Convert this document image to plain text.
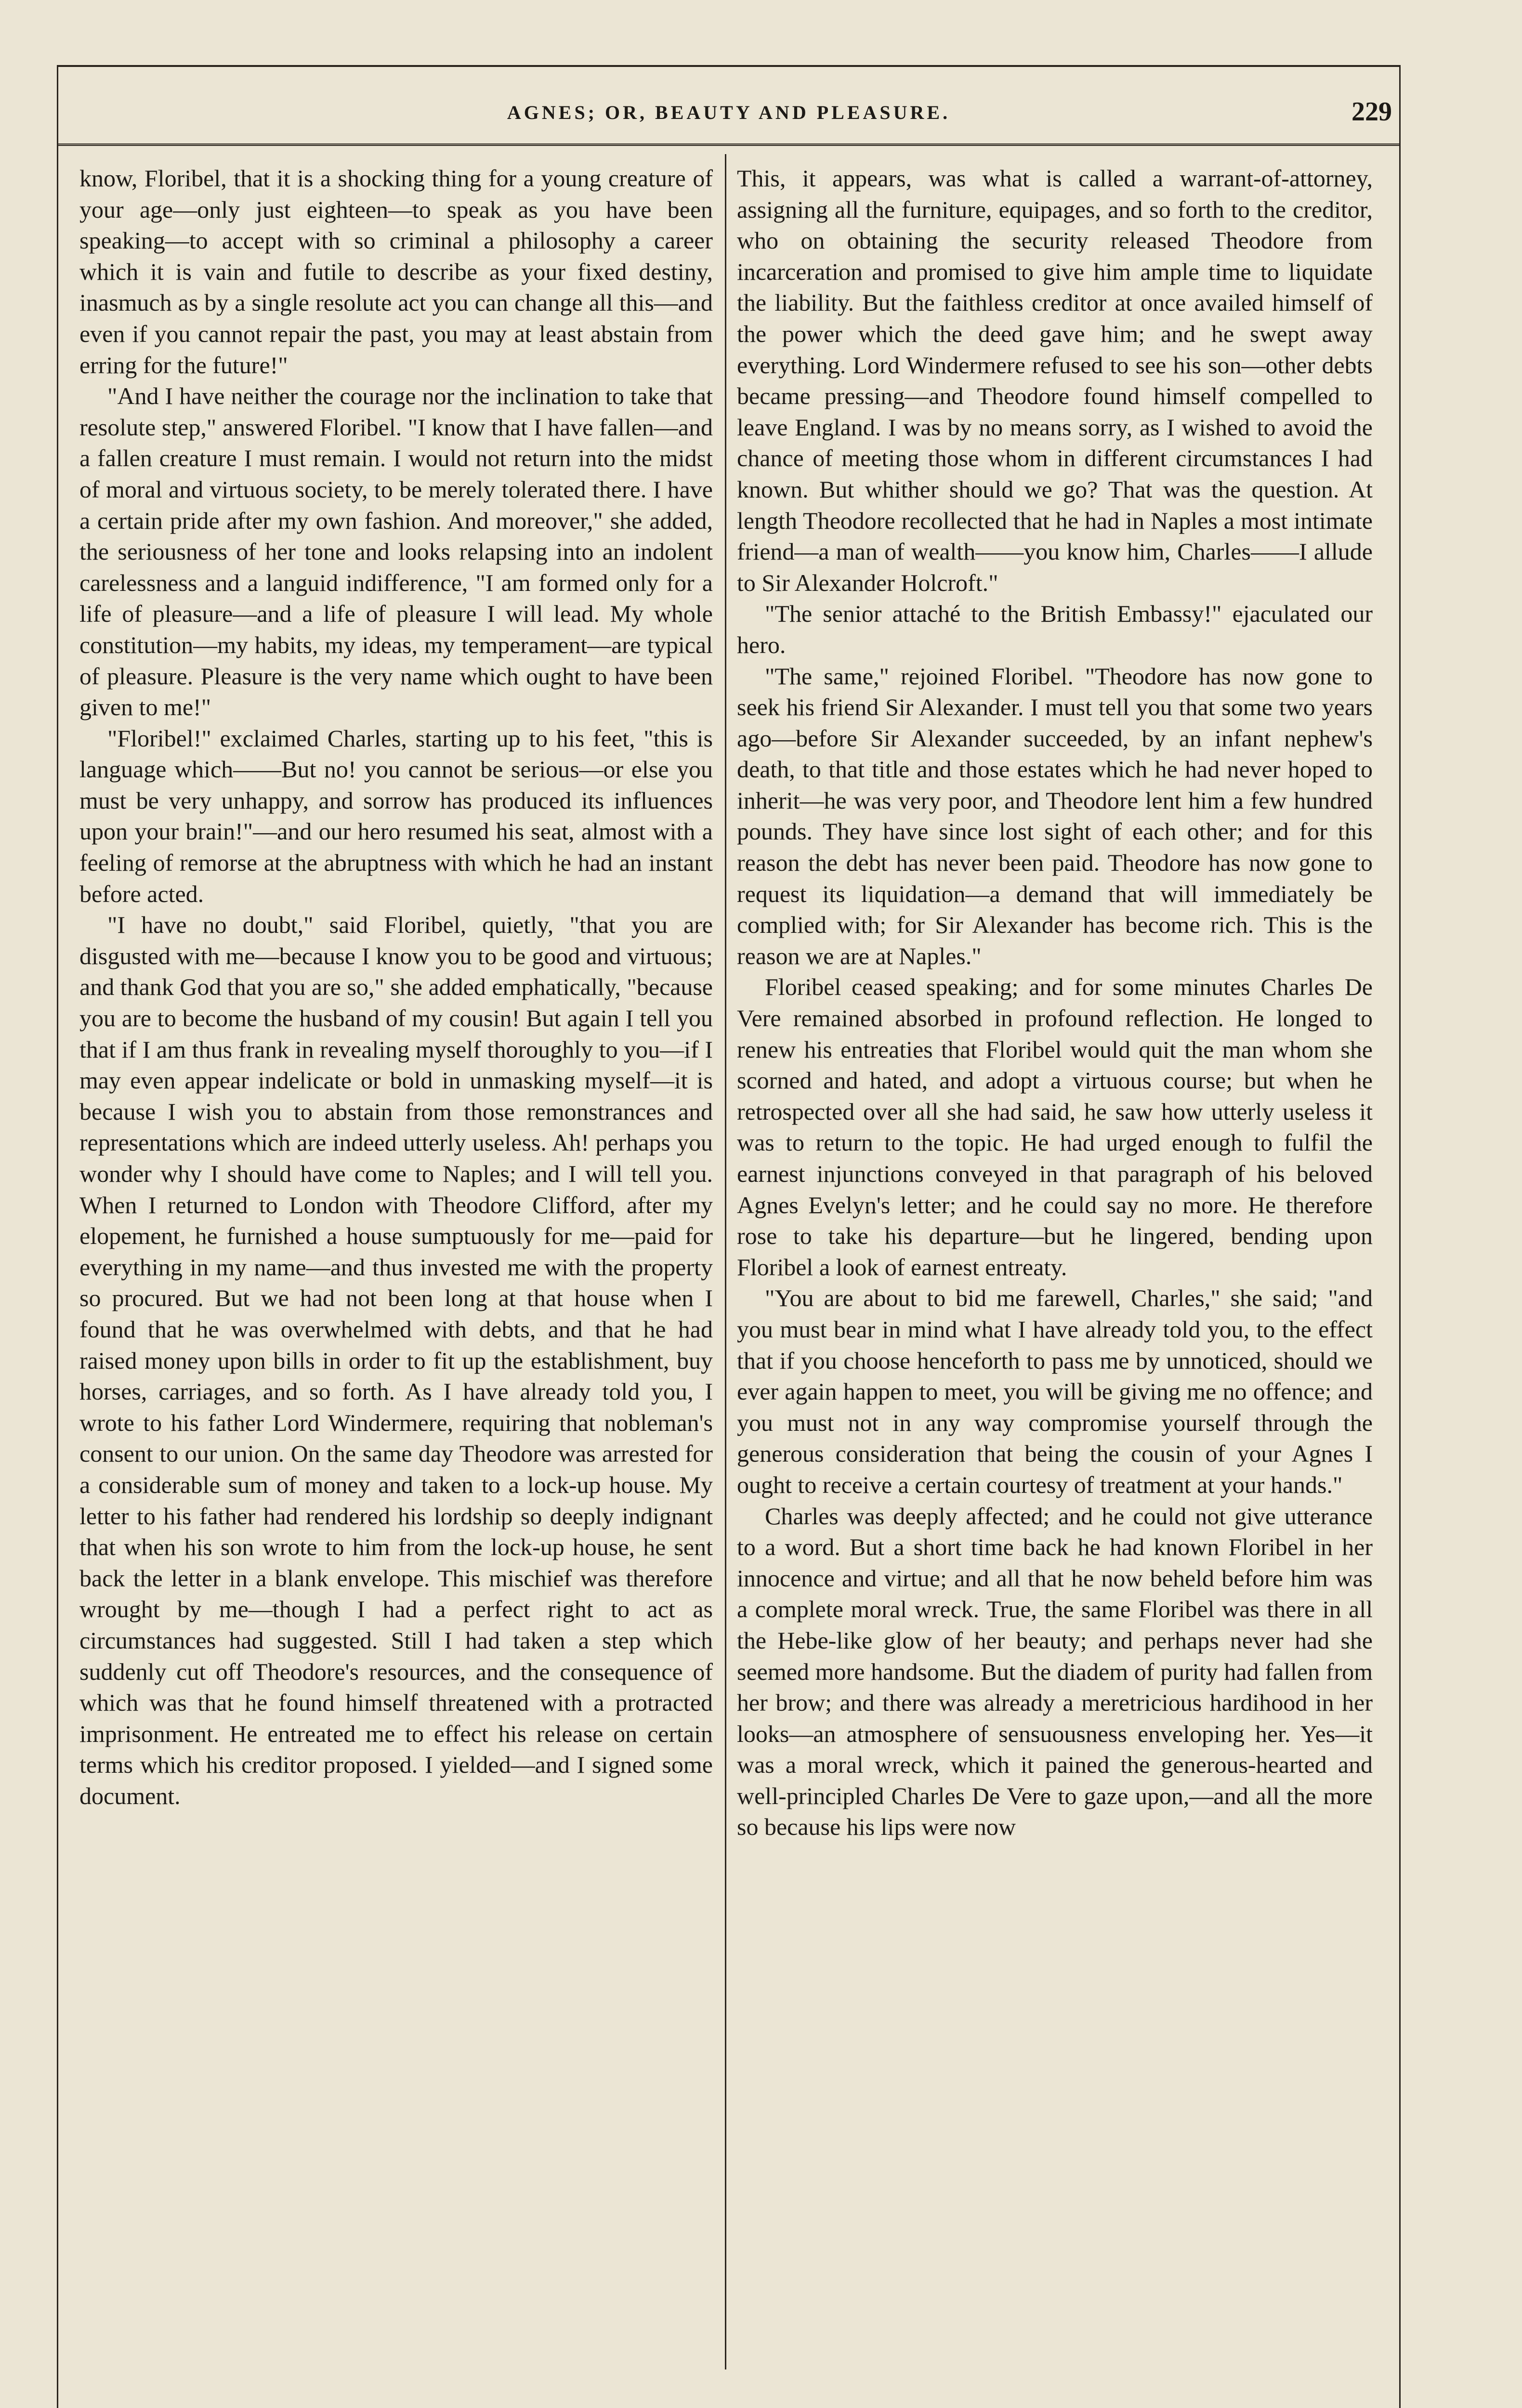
AGNES; OR, BEAUTY AND PLEASURE.	229

know, Floribel, that it is a shocking thing for a young creature of your age—only just eighteen—to speak as you have been speaking—to accept with so criminal a philosophy a career which it is vain and futile to describe as your fixed destiny, inasmuch as by a single resolute act you can change all this—and even if you cannot repair the past, you may at least abstain from erring for the future!"

"And I have neither the courage nor the inclination to take that resolute step," answered Floribel. "I know that I have fallen—and a fallen creature I must remain. I would not return into the midst of moral and virtuous society, to be merely tolerated there. I have a certain pride after my own fashion. And moreover," she added, the seriousness of her tone and looks relapsing into an indolent carelessness and a languid indifference, "I am formed only for a life of pleasure—and a life of pleasure I will lead. My whole constitution—my habits, my ideas, my temperament—are typical of pleasure. Pleasure is the very name which ought to have been given to me!"

"Floribel!" exclaimed Charles, starting up to his feet, "this is language which——But no! you cannot be serious—or else you must be very unhappy, and sorrow has produced its influences upon your brain!"—and our hero resumed his seat, almost with a feeling of remorse at the abruptness with which he had an instant before acted.

"I have no doubt," said Floribel, quietly, "that you are disgusted with me—because I know you to be good and virtuous; and thank God that you are so," she added emphatically, "because you are to become the husband of my cousin! But again I tell you that if I am thus frank in revealing myself thoroughly to you—if I may even appear indelicate or bold in unmasking myself—it is because I wish you to abstain from those remonstrances and representations which are indeed utterly useless. Ah! perhaps you wonder why I should have come to Naples; and I will tell you. When I returned to London with Theodore Clifford, after my elopement, he furnished a house sumptuously for me—paid for everything in my name—and thus invested me with the property so procured. But we had not been long at that house when I found that he was overwhelmed with debts, and that he had raised money upon bills in order to fit up the establishment, buy horses, carriages, and so forth. As I have already told you, I wrote to his father Lord Windermere, requiring that nobleman's consent to our union. On the same day Theodore was arrested for a considerable sum of money and taken to a lock-up house. My letter to his father had rendered his lordship so deeply indignant that when his son wrote to him from the lock-up house, he sent back the letter in a blank envelope. This mischief was therefore wrought by me—though I had a perfect right to act as circumstances had suggested. Still I had taken a step which suddenly cut off Theodore's resources, and the consequence of which was that he found himself threatened with a protracted imprisonment. He entreated me to effect his release on certain terms which his creditor proposed. I yielded—and I signed some document.

This, it appears, was what is called a warrant-of-attorney, assigning all the furniture, equipages, and so forth to the creditor, who on obtaining the security released Theodore from incarceration and promised to give him ample time to liquidate the liability. But the faithless creditor at once availed himself of the power which the deed gave him; and he swept away everything. Lord Windermere refused to see his son—other debts became pressing—and Theodore found himself compelled to leave England. I was by no means sorry, as I wished to avoid the chance of meeting those whom in different circumstances I had known. But whither should we go? That was the question. At length Theodore recollected that he had in Naples a most intimate friend—a man of wealth——you know him, Charles——I allude to Sir Alexander Holcroft."

"The senior attaché to the British Embassy!" ejaculated our hero.

"The same," rejoined Floribel. "Theodore has now gone to seek his friend Sir Alexander. I must tell you that some two years ago—before Sir Alexander succeeded, by an infant nephew's death, to that title and those estates which he had never hoped to inherit—he was very poor, and Theodore lent him a few hundred pounds. They have since lost sight of each other; and for this reason the debt has never been paid. Theodore has now gone to request its liquidation—a demand that will immediately be complied with; for Sir Alexander has become rich. This is the reason we are at Naples."

Floribel ceased speaking; and for some minutes Charles De Vere remained absorbed in profound reflection. He longed to renew his entreaties that Floribel would quit the man whom she scorned and hated, and adopt a virtuous course; but when he retrospected over all she had said, he saw how utterly useless it was to return to the topic. He had urged enough to fulfil the earnest injunctions conveyed in that paragraph of his beloved Agnes Evelyn's letter; and he could say no more. He therefore rose to take his departure—but he lingered, bending upon Floribel a look of earnest entreaty.

"You are about to bid me farewell, Charles," she said; "and you must bear in mind what I have already told you, to the effect that if you choose henceforth to pass me by unnoticed, should we ever again happen to meet, you will be giving me no offence; and you must not in any way compromise yourself through the generous consideration that being the cousin of your Agnes I ought to receive a certain courtesy of treatment at your hands."

Charles was deeply affected; and he could not give utterance to a word. But a short time back he had known Floribel in her innocence and virtue; and all that he now beheld before him was a complete moral wreck. True, the same Floribel was there in all the Hebe-like glow of her beauty; and perhaps never had she seemed more handsome. But the diadem of purity had fallen from her brow; and there was already a meretricious hardihood in her looks—an atmosphere of sensuousness enveloping her. Yes—it was a moral wreck, which it pained the generous-hearted and well-principled Charles De Vere to gaze upon,—and all the more so because his lips were now
